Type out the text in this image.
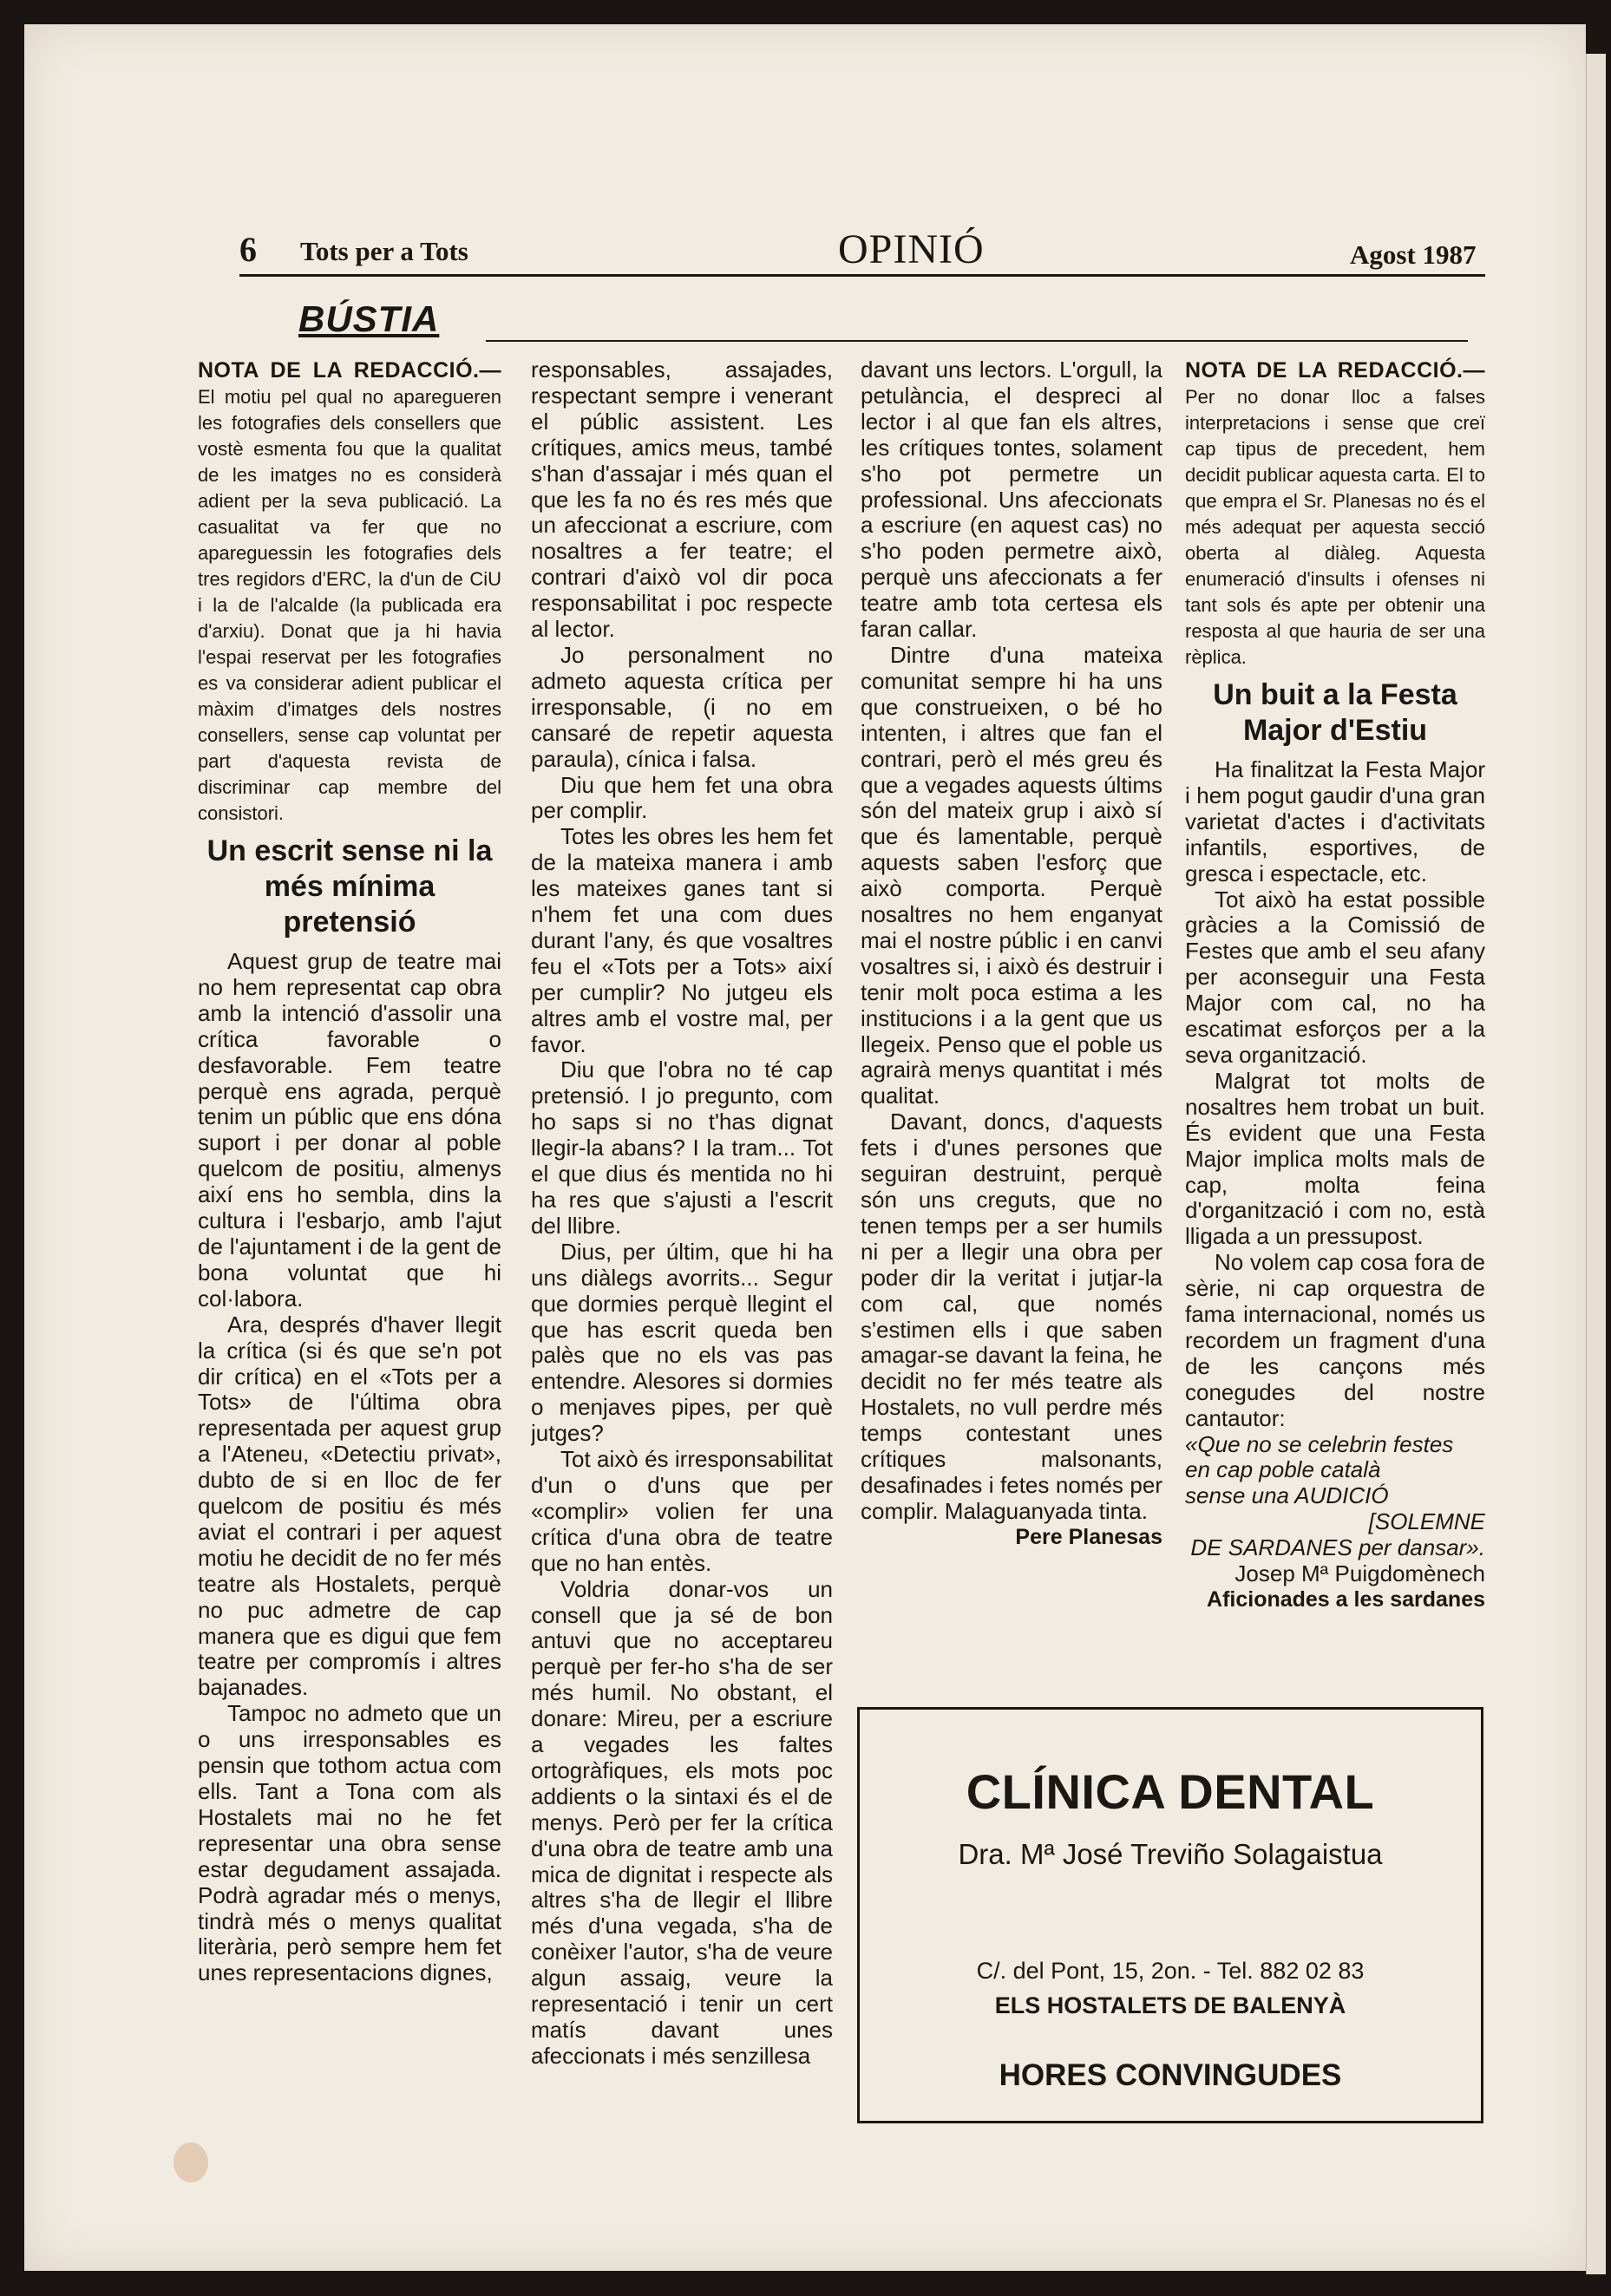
6 Tots per a Tots	OPINIÓ	Agost 1987
BÚSTIA
NOTA DE LA REDACCIÓ.— El motiu pel qual no aparegueren les fotografies dels consellers que vostè esmenta fou que la qualitat de les imatges no es considerà adient per la seva publicació. La casualitat va fer que no apareguessin les fotografies dels tres regidors d'ERC, la d'un de CiU i la de l'alcalde (la publicada era d'arxiu). Donat que ja hi havia l'espai reservat per les fotografies es va considerar adient publicar el màxim d'imatges dels nostres consellers, sense cap voluntat per part d'aquesta revista de discriminar cap membre del consistori.
Un escrit sense ni la més mínima pretensió

Aquest grup de teatre mai no hem representat cap obra amb la intenció d'assolir una crítica favorable o desfavorable. Fem teatre perquè ens agrada, perquè tenim un públic que ens dóna suport i per donar al poble quelcom de positiu, almenys així ens ho sembla, dins la cultura i l'esbarjo, amb l'ajut de l'ajuntament i de la gent de bona voluntat que hi col·labora.

Ara, després d'haver llegit la crítica (si és que se'n pot dir crítica) en el «Tots per a Tots» de l'última obra representada per aquest grup a l'Ateneu, «Detectiu privat», dubto de si en lloc de fer quelcom de positiu és més aviat el contrari i per aquest motiu he decidit de no fer més teatre als Hostalets, perquè no puc admetre de cap manera que es digui que fem teatre per compromís i altres bajanades.

Tampoc no admeto que un o uns irresponsables es pensin que tothom actua com ells. Tant a Tona com als Hostalets mai no he fet representar una obra sense estar degudament assajada. Podrà agradar més o menys, tindrà més o menys qualitat literària, però sempre hem fet unes representacions dignes,

responsables, assajades, respectant sempre i venerant el públic assistent. Les crítiques, amics meus, també s'han d'assajar i més quan el que les fa no és res més que un afeccionat a escriure, com nosaltres a fer teatre; el contrari d'això vol dir poca responsabilitat i poc respecte al lector.

Jo personalment no admeto aquesta crítica per irresponsable, (i no em cansaré de repetir aquesta paraula), cínica i falsa.

Diu que hem fet una obra per complir.

Totes les obres les hem fet de la mateixa manera i amb les mateixes ganes tant si n'hem fet una com dues durant l'any, és que vosaltres feu el «Tots per a Tots» així per cumplir? No jutgeu els altres amb el vostre mal, per favor.

Diu que l'obra no té cap pretensió. I jo pregunto, com ho saps si no t'has dignat llegir-la abans? I la tram... Tot el que dius és mentida no hi ha res que s'ajusti a l'escrit del llibre.

Dius, per últim, que hi ha uns diàlegs avorrits... Segur que dormies perquè llegint el que has escrit queda ben palès que no els vas pas entendre. Alesores si dormies o menjaves pipes, per què jutges?

Tot això és irresponsabilitat d'un o d'uns que per «complir» volien fer una crítica d'una obra de teatre que no han entès.

Voldria donar-vos un consell que ja sé de bon antuvi que no acceptareu perquè per fer-ho s'ha de ser més humil. No obstant, el donare: Mireu, per a escriure a vegades les faltes ortogràfiques, els mots poc addients o la sintaxi és el de menys. Però per fer la crítica d'una obra de teatre amb una mica de dignitat i respecte als altres s'ha de llegir el llibre més d'una vegada, s'ha de conèixer l'autor, s'ha de veure algun assaig, veure la representació i tenir un cert matís davant unes afeccionats i més senzillesa

davant uns lectors. L'orgull, la petulància, el despreci al lector i al que fan els altres, les crítiques tontes, solament s'ho pot permetre un professional. Uns afeccionats a escriure (en aquest cas) no s'ho poden permetre això, perquè uns afeccionats a fer teatre amb tota certesa els faran callar.

Dintre d'una mateixa comunitat sempre hi ha uns que construeixen, o bé ho intenten, i altres que fan el contrari, però el més greu és que a vegades aquests últims són del mateix grup i això sí que és lamentable, perquè aquests saben l'esforç que això comporta. Perquè nosaltres no hem enganyat mai el nostre públic i en canvi vosaltres si, i això és destruir i tenir molt poca estima a les institucions i a la gent que us llegeix. Penso que el poble us agrairà menys quantitat i més qualitat.

Davant, doncs, d'aquests fets i d'unes persones que seguiran destruint, perquè són uns creguts, que no tenen temps per a ser humils ni per a llegir una obra per poder dir la veritat i jutjar-la com cal, que només s'estimen ells i que saben amagar-se davant la feina, he decidit no fer més teatre als Hostalets, no vull perdre més temps contestant unes crítiques malsonants, desafinades i fetes només per complir. Malaguanyada tinta.

Pere Planesas

NOTA DE LA REDACCIÓ.— Per no donar lloc a falses interpretacions i sense que creï cap tipus de precedent, hem decidit publicar aquesta carta. El to que empra el Sr. Planesas no és el més adequat per aquesta secció oberta al diàleg. Aquesta enumeració d'insults i ofenses ni tant sols és apte per obtenir una resposta al que hauria de ser una rèplica.
Un buit a la Festa Major d'Estiu

Ha finalitzat la Festa Major i hem pogut gaudir d'una gran varietat d'actes i d'activitats infantils, esportives, de gresca i espectacle, etc.

Tot això ha estat possible gràcies a la Comissió de Festes que amb el seu afany per aconseguir una Festa Major com cal, no ha escatimat esforços per a la seva organització.

Malgrat tot molts de nosaltres hem trobat un buit. És evident que una Festa Major implica molts mals de cap, molta feina d'organització i com no, està lligada a un pressupost.

No volem cap cosa fora de sèrie, ni cap orquestra de fama internacional, només us recordem un fragment d'una de les cançons més conegudes del nostre cantautor:

«Que no se celebrin festes

en cap poble català

sense una AUDICIÓ

[SOLEMNE

DE SARDANES per dansar».

Josep Mª Puigdomènech

Aficionades a les sardanes

CLÍNICA DENTAL
Dra. Mª José Treviño Solagaistua
C/. del Pont, 15, 2on. - Tel. 882 02 83
ELS HOSTALETS DE BALENYÀ
HORES CONVINGUDES
